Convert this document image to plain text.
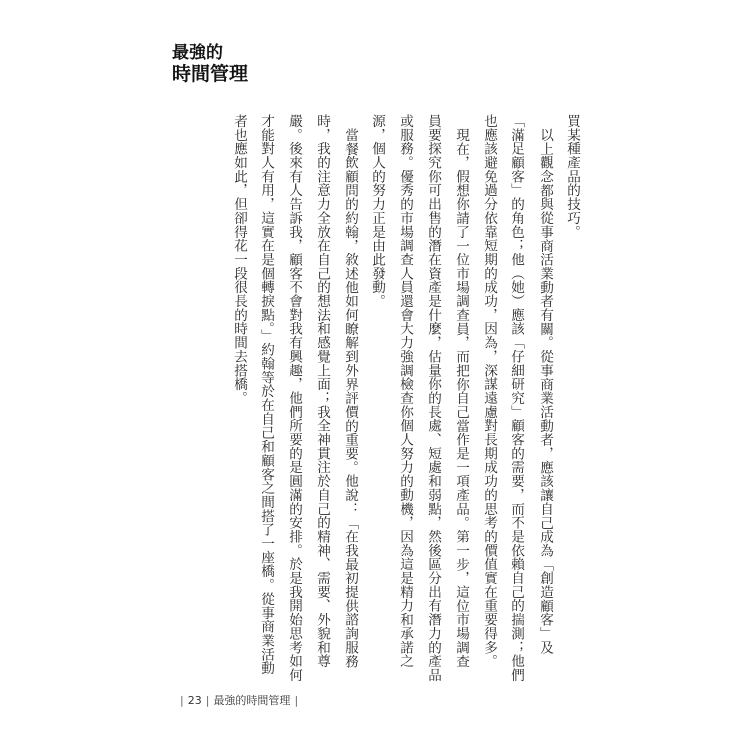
最強的
時間管理
買某種產品的技巧。
以上觀念都與從事商活業動者有關。從事商業活動者，應該讓自己成為「創造顧客」及
「滿足顧客」的角色；他（她）應該「仔細研究」顧客的需要，而不是依賴自己的揣測；他們
也應該避免過分依靠短期的成功，因為，深謀遠慮對長期成功的思考的價值實在重要得多。
現在，假想你請了一位市場調查員，而把你自己當作是一項產品。第一步，這位市場調查
員要探究你可出售的潛在資產是什麼，估量你的長處、短處和弱點，然後區分出有潛力的產品
或服務。優秀的市場調查人員還會大力強調檢查你個人努力的動機，因為這是精力和承諾之
源，個人的努力正是由此發動。
當餐飲顧問的約翰，敘述他如何瞭解到外界評價的重要。他說：「在我最初提供諮詢服務
時，我的注意力全放在自己的想法和感覺上面；我全神貫注於自己的精神、需要、外貌和尊
嚴。後來有人告訴我，顧客不會對我有興趣，他們所要的是圓滿的安排。於是我開始思考如何
才能對人有用，這實在是個轉捩點。」約翰等於在自己和顧客之間搭了一座橋。從事商業活動
者也應如此，但卻得花一段很長的時間去搭橋。
| 23 | 最強的時間管理 |
